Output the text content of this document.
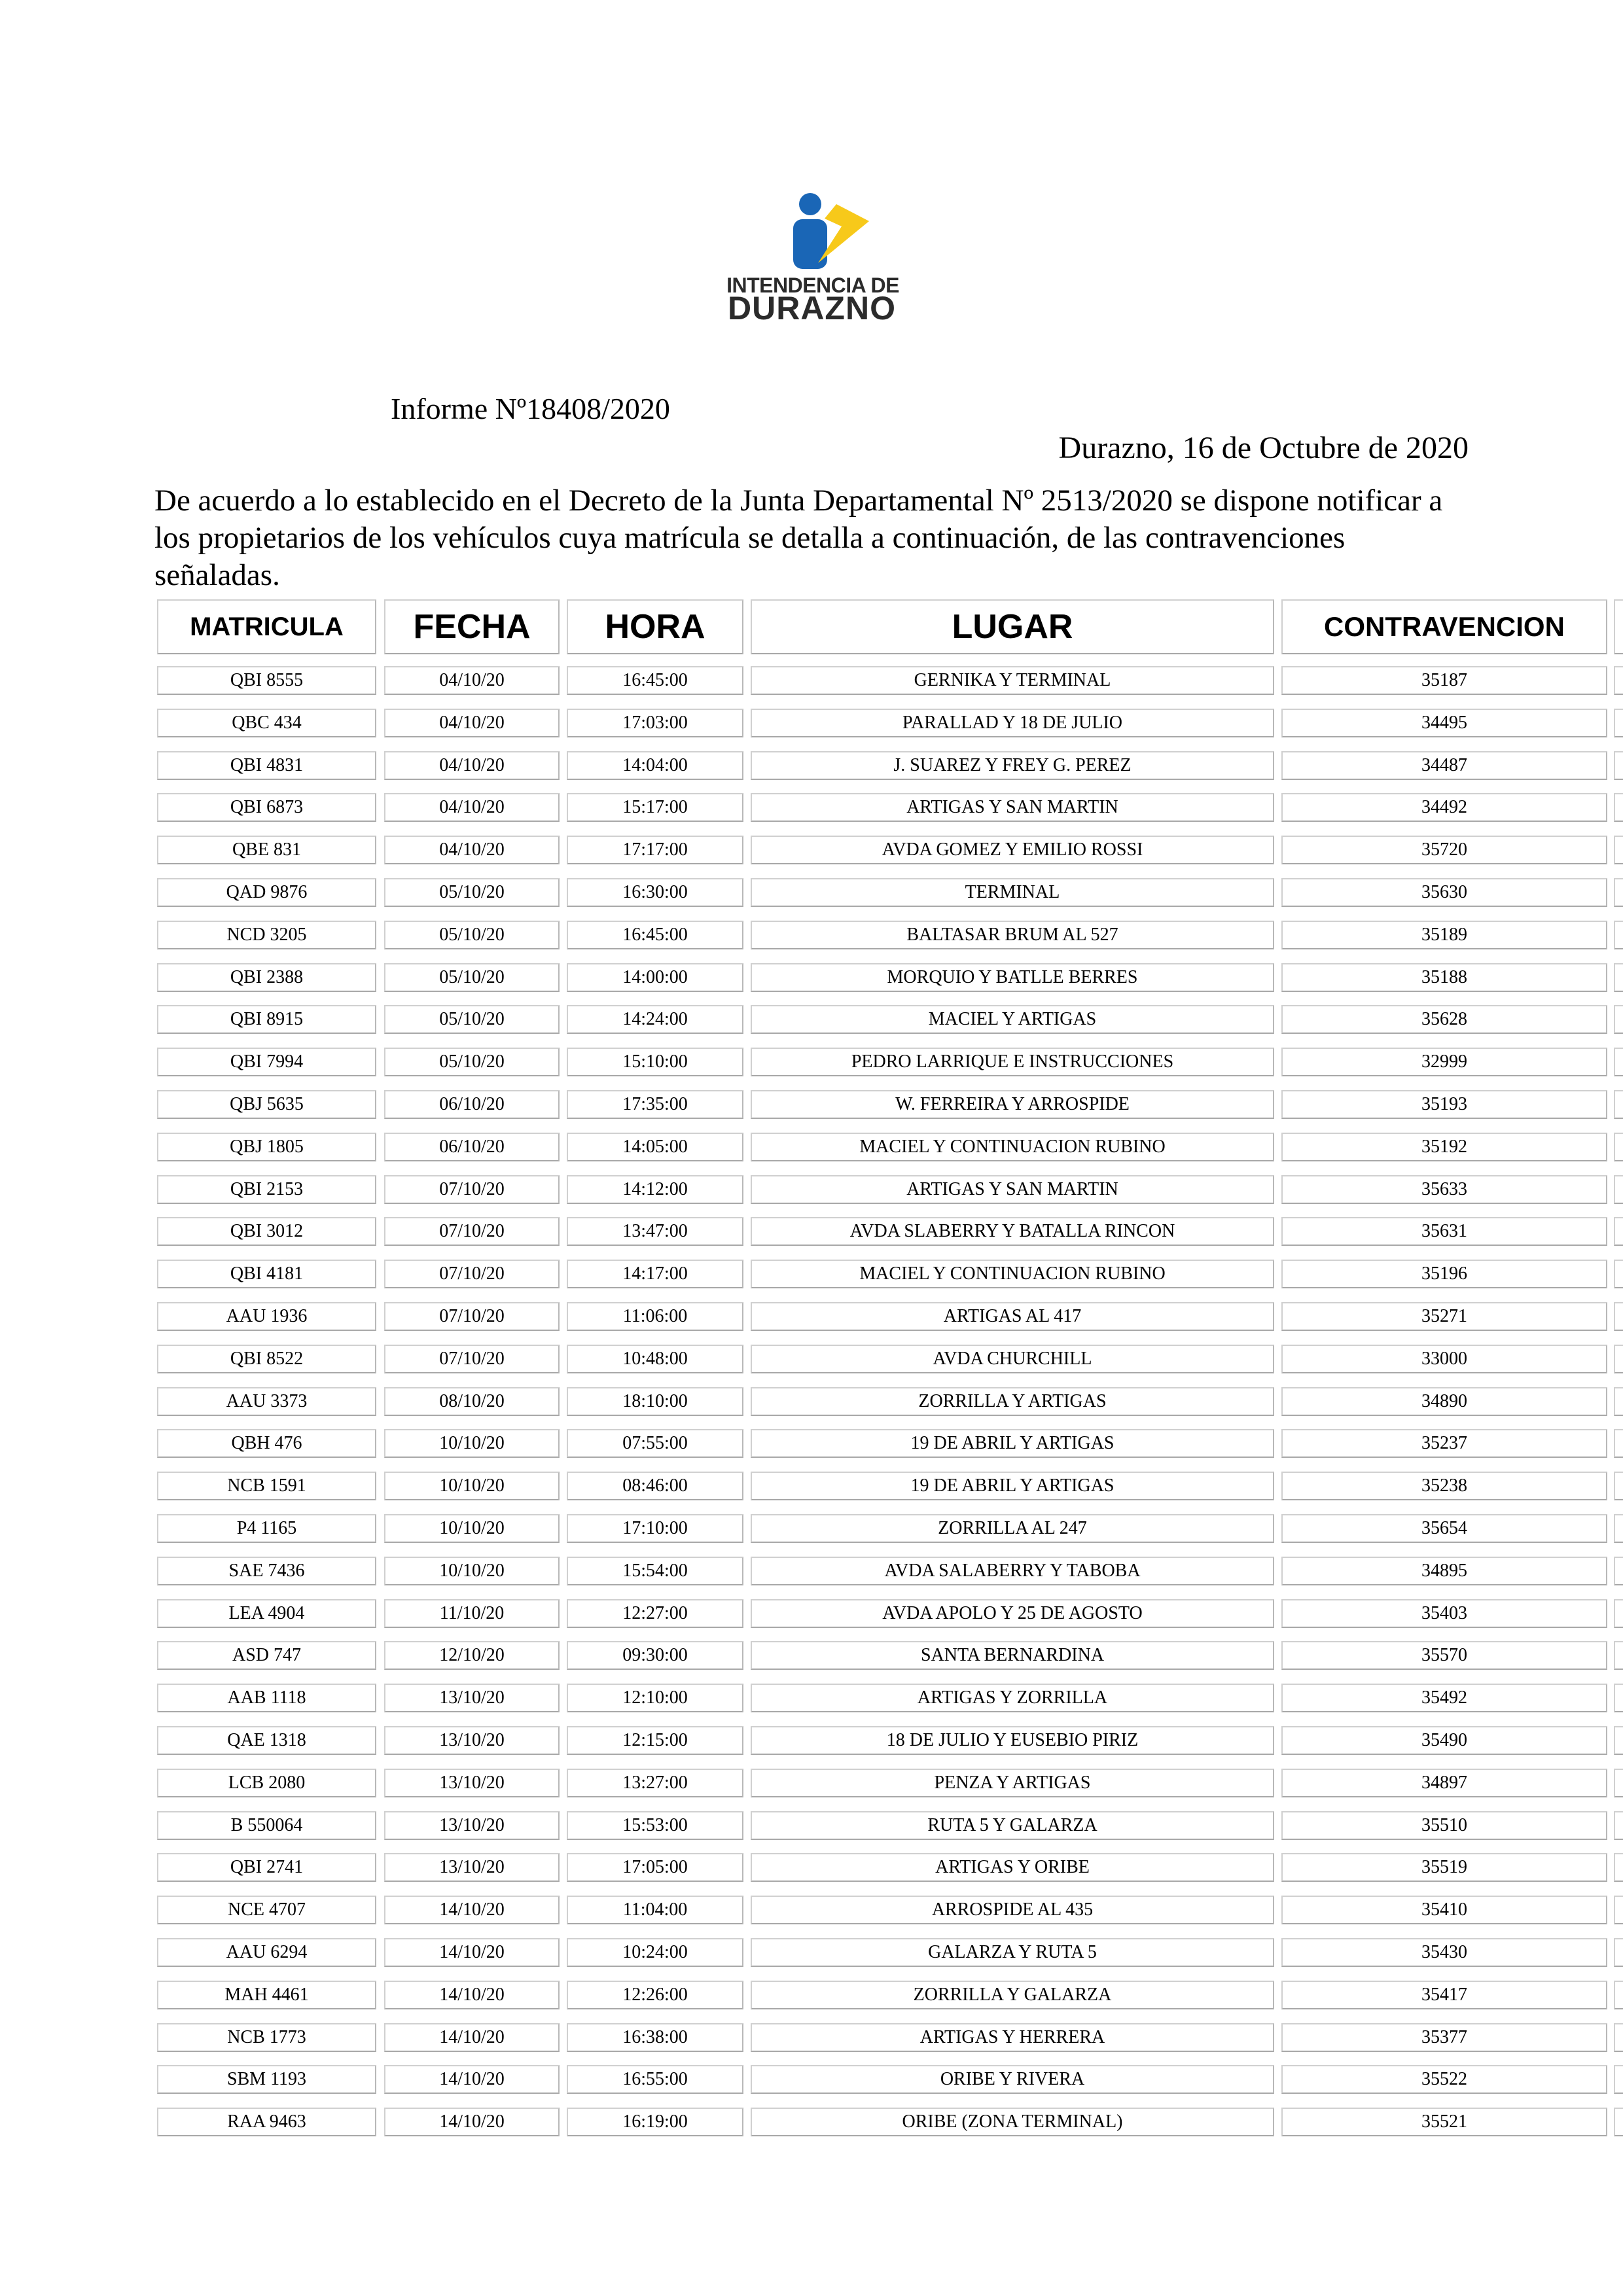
INTENDENCIA DE
DURAZNO
Informe Nº18408/2020
Durazno, 16 de Octubre de 2020
De acuerdo a lo establecido en el Decreto de la Junta Departamental Nº 2513/2020 se dispone notificar a los propietarios de los vehículos cuya matrícula se detalla a continuación, de las contravenciones señaladas.
MATRICULA	FECHA	HORA	LUGAR	CONTRAVENCION
QBI 8555	04/10/20	16:45:00	GERNIKA Y TERMINAL	35187
QBC 434	04/10/20	17:03:00	PARALLAD Y 18 DE JULIO	34495
QBI 4831	04/10/20	14:04:00	J. SUAREZ Y FREY G. PEREZ	34487
QBI 6873	04/10/20	15:17:00	ARTIGAS Y SAN MARTIN	34492
QBE 831	04/10/20	17:17:00	AVDA GOMEZ Y EMILIO ROSSI	35720
QAD 9876	05/10/20	16:30:00	TERMINAL	35630
NCD 3205	05/10/20	16:45:00	BALTASAR BRUM AL 527	35189
QBI 2388	05/10/20	14:00:00	MORQUIO Y BATLLE BERRES	35188
QBI 8915	05/10/20	14:24:00	MACIEL Y ARTIGAS	35628
QBI 7994	05/10/20	15:10:00	PEDRO LARRIQUE E INSTRUCCIONES	32999
QBJ 5635	06/10/20	17:35:00	W. FERREIRA Y ARROSPIDE	35193
QBJ 1805	06/10/20	14:05:00	MACIEL Y CONTINUACION RUBINO	35192
QBI 2153	07/10/20	14:12:00	ARTIGAS Y SAN MARTIN	35633
QBI 3012	07/10/20	13:47:00	AVDA SLABERRY Y BATALLA RINCON	35631
QBI 4181	07/10/20	14:17:00	MACIEL Y CONTINUACION RUBINO	35196
AAU 1936	07/10/20	11:06:00	ARTIGAS AL 417	35271
QBI 8522	07/10/20	10:48:00	AVDA CHURCHILL	33000
AAU 3373	08/10/20	18:10:00	ZORRILLA Y ARTIGAS	34890
QBH 476	10/10/20	07:55:00	19 DE ABRIL Y ARTIGAS	35237
NCB 1591	10/10/20	08:46:00	19 DE ABRIL Y ARTIGAS	35238
P4 1165	10/10/20	17:10:00	ZORRILLA AL 247	35654
SAE 7436	10/10/20	15:54:00	AVDA SALABERRY Y TABOBA	34895
LEA 4904	11/10/20	12:27:00	AVDA APOLO Y 25 DE AGOSTO	35403
ASD 747	12/10/20	09:30:00	SANTA BERNARDINA	35570
AAB 1118	13/10/20	12:10:00	ARTIGAS Y ZORRILLA	35492
QAE 1318	13/10/20	12:15:00	18 DE JULIO Y EUSEBIO PIRIZ	35490
LCB 2080	13/10/20	13:27:00	PENZA Y ARTIGAS	34897
B 550064	13/10/20	15:53:00	RUTA 5 Y GALARZA	35510
QBI 2741	13/10/20	17:05:00	ARTIGAS Y ORIBE	35519
NCE 4707	14/10/20	11:04:00	ARROSPIDE AL 435	35410
AAU 6294	14/10/20	10:24:00	GALARZA Y RUTA 5	35430
MAH 4461	14/10/20	12:26:00	ZORRILLA Y GALARZA	35417
NCB 1773	14/10/20	16:38:00	ARTIGAS Y HERRERA	35377
SBM 1193	14/10/20	16:55:00	ORIBE Y RIVERA	35522
RAA 9463	14/10/20	16:19:00	ORIBE (ZONA TERMINAL)	35521
